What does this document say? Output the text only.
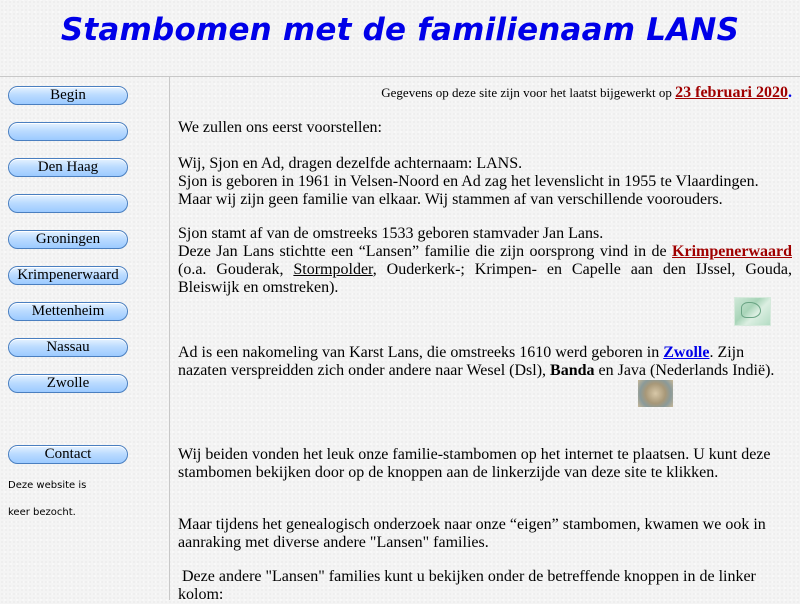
Stambomen met de familienaam LANS
Begin
Den Haag
Groningen
Krimpenerwaard
Mettenheim
Nassau
Zwolle
Contact
Deze website is
keer bezocht.
Gegevens op deze site zijn voor het laatst bijgewerkt op 23 februari 2020.
We zullen ons eerst voorstellen:
Wij, Sjon en Ad, dragen dezelfde achternaam: LANS.
Sjon is geboren in 1961 in Velsen-Noord en Ad zag het levenslicht in 1955 te Vlaardingen.
Maar wij zijn geen familie van elkaar. Wij stammen af van verschillende voorouders.
Sjon stamt af van de omstreeks 1533 geboren stamvader Jan Lans.
Deze Jan Lans stichtte een “Lansen” familie die zijn oorsprong vind in de Krimpenerwaard (o.a. Gouderak, Stormpolder, Ouderkerk-; Krimpen- en Capelle aan den IJssel, Gouda, Bleiswijk en omstreken).
Ad is een nakomeling van Karst Lans, die omstreeks 1610 werd geboren in Zwolle. Zijn nazaten verspreidden zich onder andere naar Wesel (Dsl), Banda en Java (Nederlands Indië).
Wij beiden vonden het leuk onze familie-stambomen op het internet te plaatsen. U kunt deze stambomen bekijken door op de knoppen aan de linkerzijde van deze site te klikken.
Maar tijdens het genealogisch onderzoek naar onze “eigen” stambomen, kwamen we ook in aanraking met diverse andere "Lansen" families.
Deze andere "Lansen" families kunt u bekijken onder de betreffende knoppen in de linker kolom:
